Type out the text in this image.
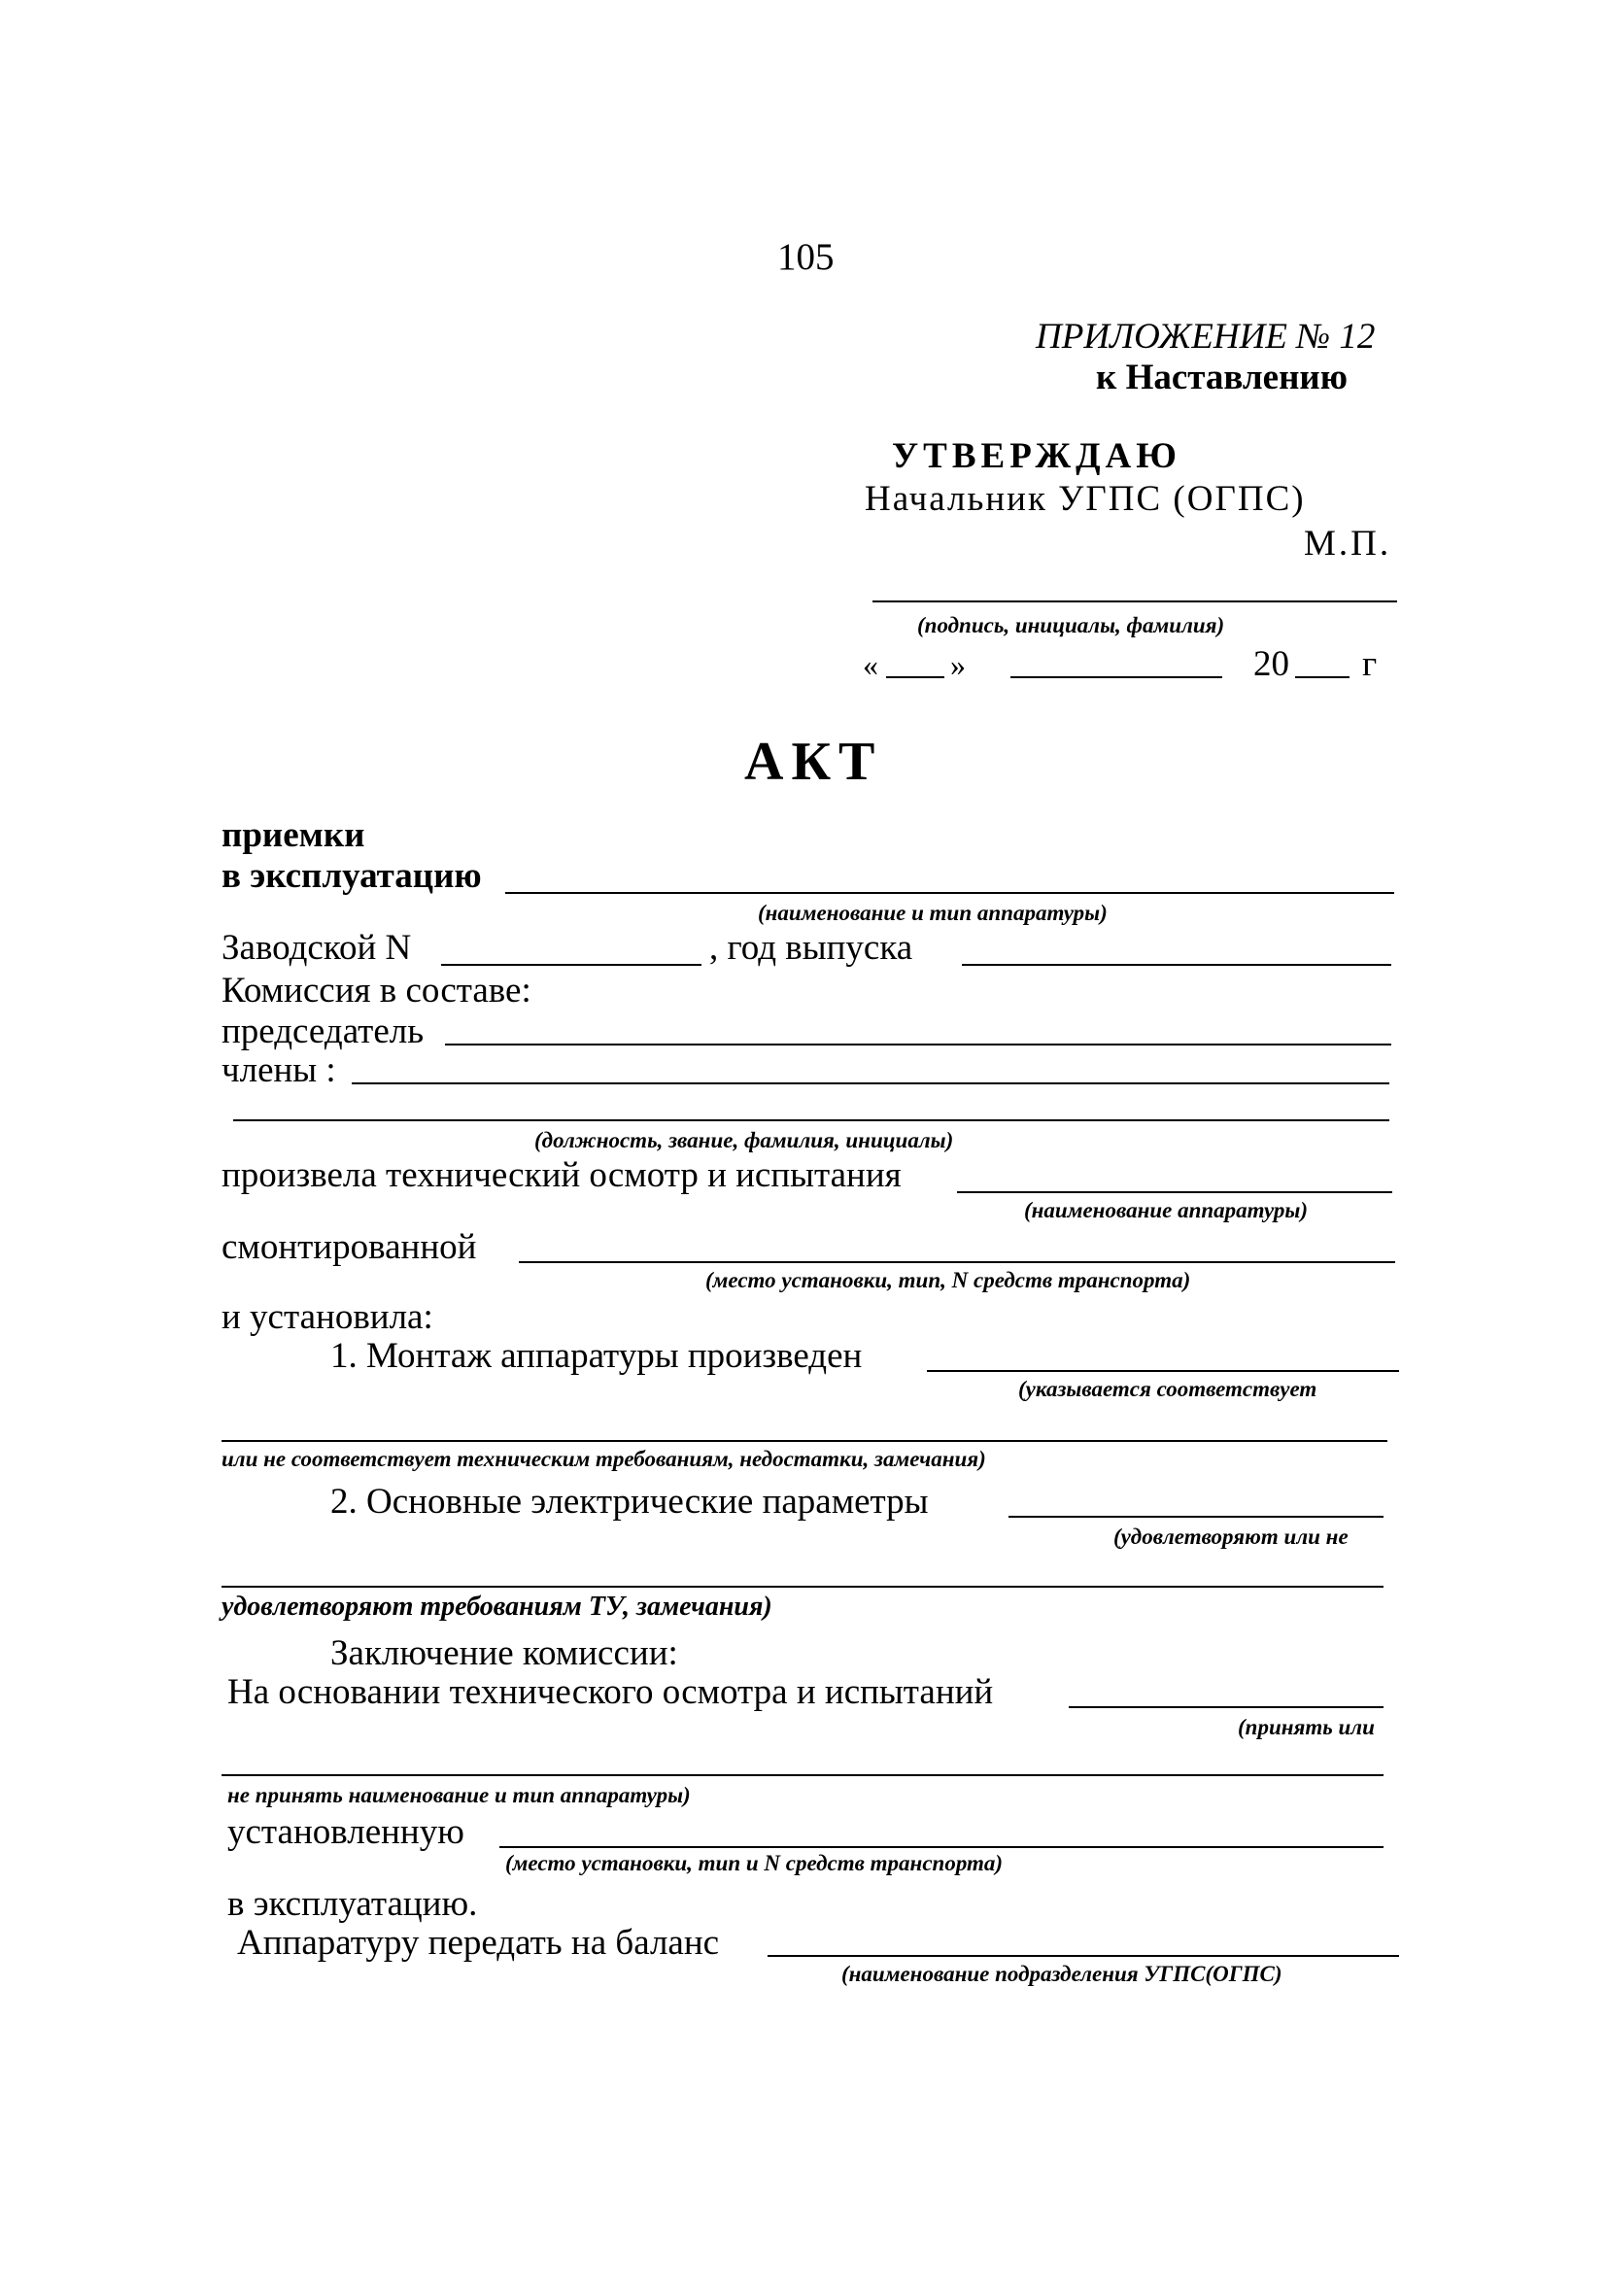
105
ПРИЛОЖЕНИЕ № 12
к Наставлению
УТВЕРЖДАЮ
Начальник УГПС (ОГПС)
М.П.
(подпись, инициалы, фамилия)
« »	20 г
АКТ
приемки
в эксплуатацию
(наименование и тип аппаратуры)
Заводской N	, год выпуска
Комиссия в составе:
председатель
члены :
(должность, звание, фамилия, инициалы)
произвела технический осмотр и испытания
(наименование аппаратуры)
смонтированной
(место установки, тип, N средств транспорта)
и установила:
1. Монтаж аппаратуры произведен
(указывается соответствует
или не соответствует техническим требованиям, недостатки, замечания)
2. Основные электрические параметры
(удовлетворяют или не
удовлетворяют требованиям ТУ, замечания)
Заключение комиссии:
На основании технического осмотра и испытаний
(принять или
не принять наименование и тип аппаратуры)
установленную
(место установки, тип и N средств транспорта)
в эксплуатацию.
Аппаратуру передать на баланс
(наименование подразделения УГПС(ОГПС)
